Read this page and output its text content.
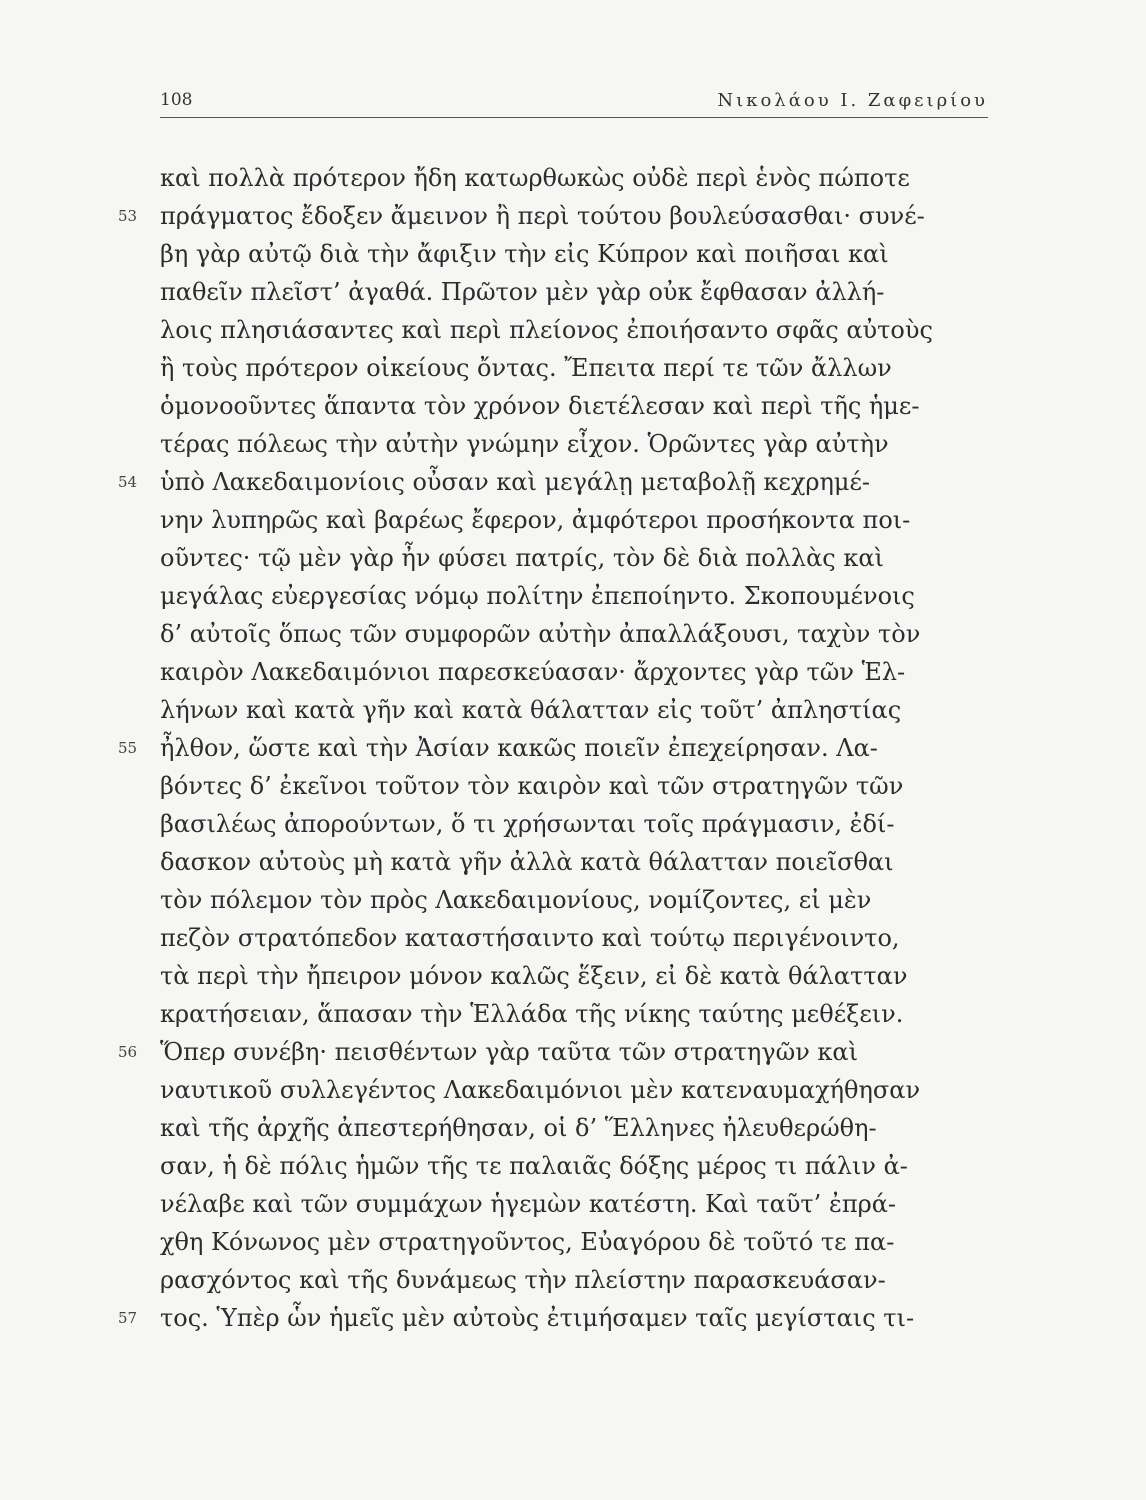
108	Νικολάου Ι. Ζαφειρίου
53
54
55
56
57
καὶ πολλὰ πρότερον ἤδη κατωρθωκὼς οὐδὲ περὶ ἑνὸς πώποτε
πράγματος ἔδοξεν ἄμεινον ἢ περὶ τούτου βουλεύσασθαι· συνέ-
βη γὰρ αὐτῷ διὰ τὴν ἄφιξιν τὴν εἰς Κύπρον καὶ ποιῆσαι καὶ
παθεῖν πλεῖστ’ ἀγαθά. Πρῶτον μὲν γὰρ οὐκ ἔφθασαν ἀλλή-
λοις πλησιάσαντες καὶ περὶ πλείονος ἐποιήσαντο σφᾶς αὐτοὺς
ἢ τοὺς πρότερον οἰκείους ὄντας. Ἔπειτα περί τε τῶν ἄλλων
ὁμονοοῦντες ἅπαντα τὸν χρόνον διετέλεσαν καὶ περὶ τῆς ἡμε-
τέρας πόλεως τὴν αὐτὴν γνώμην εἶχον. Ὁρῶντες γὰρ αὐτὴν
ὑπὸ Λακεδαιμονίοις οὖσαν καὶ μεγάλῃ μεταβολῇ κεχρημέ-
νην λυπηρῶς καὶ βαρέως ἔφερον, ἀμφότεροι προσήκοντα ποι-
οῦντες· τῷ μὲν γὰρ ἦν φύσει πατρίς, τὸν δὲ διὰ πολλὰς καὶ
μεγάλας εὐεργεσίας νόμῳ πολίτην ἐπεποίηντο. Σκοπουμένοις
δ’ αὐτοῖς ὅπως τῶν συμφορῶν αὐτὴν ἀπαλλάξουσι, ταχὺν τὸν
καιρὸν Λακεδαιμόνιοι παρεσκεύασαν· ἄρχοντες γὰρ τῶν Ἑλ-
λήνων καὶ κατὰ γῆν καὶ κατὰ θάλατταν εἰς τοῦτ’ ἀπληστίας
ἦλθον, ὥστε καὶ τὴν Ἀσίαν κακῶς ποιεῖν ἐπεχείρησαν. Λα-
βόντες δ’ ἐκεῖνοι τοῦτον τὸν καιρὸν καὶ τῶν στρατηγῶν τῶν
βασιλέως ἀπορούντων, ὅ τι χρήσωνται τοῖς πράγμασιν, ἐδί-
δασκον αὐτοὺς μὴ κατὰ γῆν ἀλλὰ κατὰ θάλατταν ποιεῖσθαι
τὸν πόλεμον τὸν πρὸς Λακεδαιμονίους, νομίζοντες, εἰ μὲν
πεζὸν στρατόπεδον καταστήσαιντο καὶ τούτῳ περιγένοιντο,
τὰ περὶ τὴν ἤπειρον μόνον καλῶς ἕξειν, εἰ δὲ κατὰ θάλατταν
κρατήσειαν, ἅπασαν τὴν Ἑλλάδα τῆς νίκης ταύτης μεθέξειν.
Ὅπερ συνέβη· πεισθέντων γὰρ ταῦτα τῶν στρατηγῶν καὶ
ναυτικοῦ συλλεγέντος Λακεδαιμόνιοι μὲν κατεναυμαχήθησαν
καὶ τῆς ἀρχῆς ἀπεστερήθησαν, οἱ δ’ Ἕλληνες ἠλευθερώθη-
σαν, ἡ δὲ πόλις ἡμῶν τῆς τε παλαιᾶς δόξης μέρος τι πάλιν ἀ-
νέλαβε καὶ τῶν συμμάχων ἡγεμὼν κατέστη. Καὶ ταῦτ’ ἐπρά-
χθη Κόνωνος μὲν στρατηγοῦντος, Εὐαγόρου δὲ τοῦτό τε πα-
ρασχόντος καὶ τῆς δυνάμεως τὴν πλείστην παρασκευάσαν-
τος. Ὑπὲρ ὧν ἡμεῖς μὲν αὐτοὺς ἐτιμήσαμεν ταῖς μεγίσταις τι-
